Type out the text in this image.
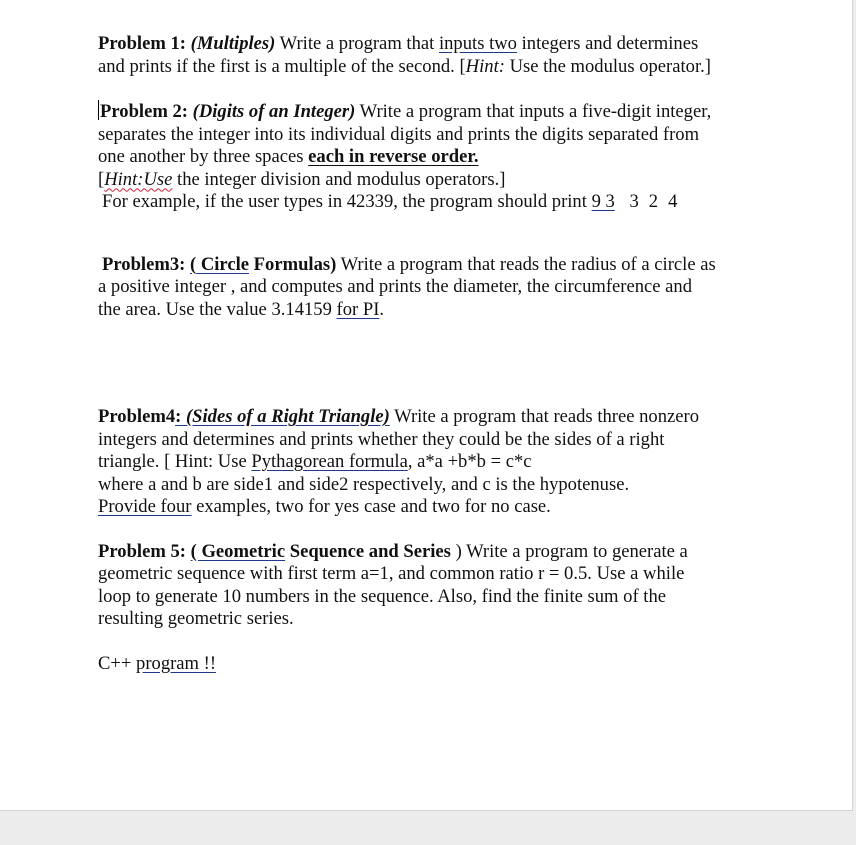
Problem 1: (Multiples) Write a program that inputs two integers and determines
and prints if the first is a multiple of the second. [Hint: Use the modulus operator.]

Problem 2: (Digits of an Integer) Write a program that inputs a five-digit integer,
separates the integer into its individual digits and prints the digits separated from
one another by three spaces each in reverse order.
[Hint:Use the integer division and modulus operators.]
For example, if the user types in 42339, the program should print 9 3 3 2 4

Problem3: ( Circle Formulas) Write a program that reads the radius of a circle as
a positive integer , and computes and prints the diameter, the circumference and
the area. Use the value 3.14159 for PI.

Problem4: (Sides of a Right Triangle) Write a program that reads three nonzero
integers and determines and prints whether they could be the sides of a right
triangle. [ Hint: Use Pythagorean formula, a*a +b*b = c*c
where a and b are side1 and side2 respectively, and c is the hypotenuse.
Provide four examples, two for yes case and two for no case.

Problem 5: ( Geometric Sequence and Series ) Write a program to generate a
geometric sequence with first term a=1, and common ratio r = 0.5. Use a while
loop to generate 10 numbers in the sequence. Also, find the finite sum of the
resulting geometric series.

C++ program !!
